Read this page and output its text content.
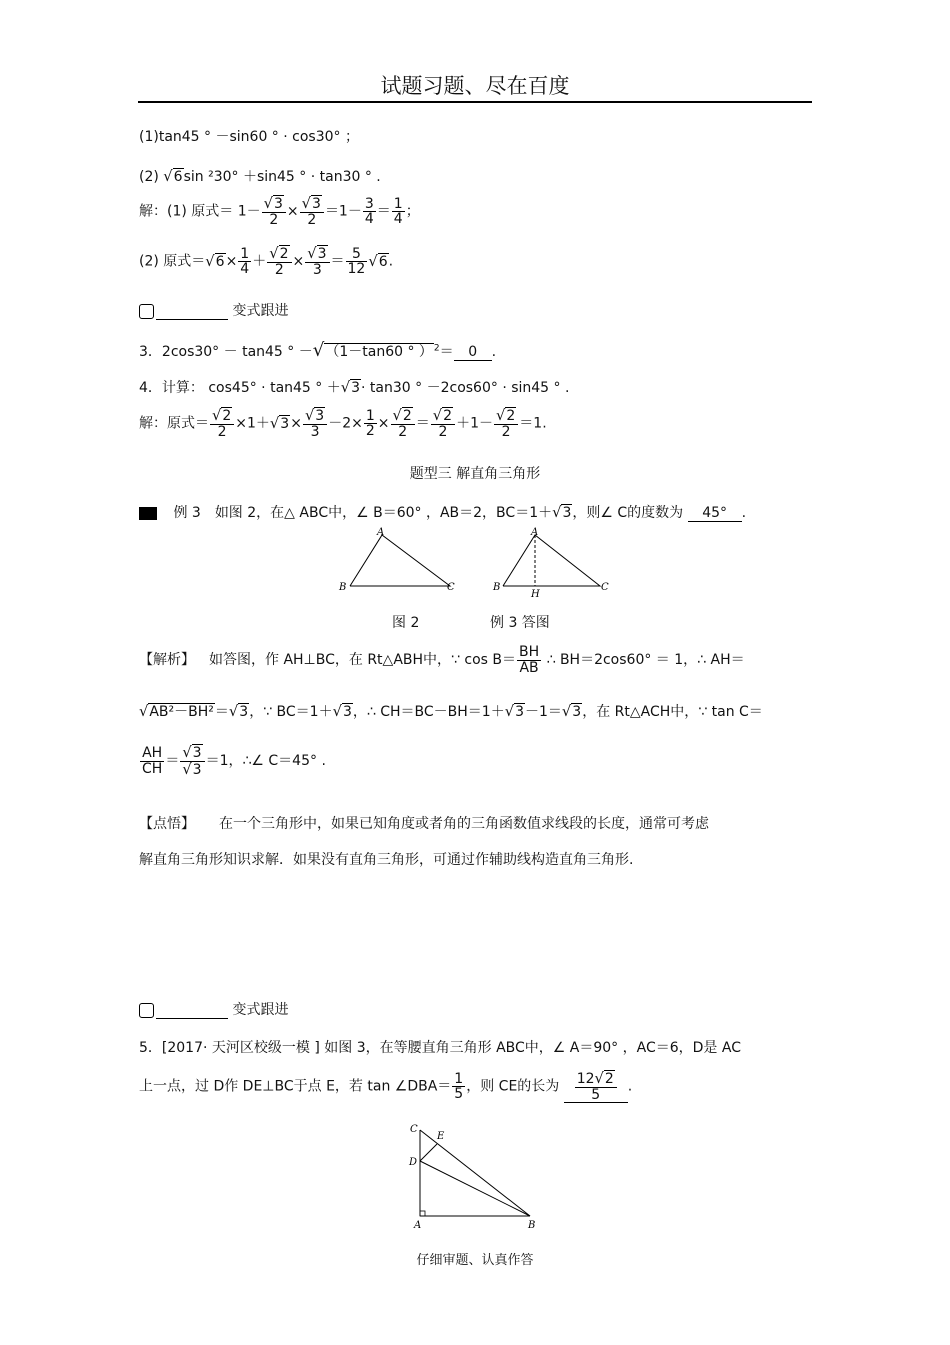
试题习题、尽在百度
(1)tan45 ° －sin60 ° · cos30° ；
(2) √6sin ²30° ＋sin45 ° · tan30 ° .
解：(1) 原式＝ $1- \frac{√3}{2} \times \frac{√3}{2} =1- \frac{3}{4} = \frac{1}{4}$ ；
(2) 原式$=√6\times \frac{1}{4} + \frac{√2}{2} \times \frac{√3}{3} = \frac{5}{12} √6$.
变式跟进
3．2cos30° － tan45 ° －√（1－tan60 ° ）$^2$＝ 0 .
4．计算： cos45° · tan45 ° ＋√3· tan30 ° －2cos60° · sin45 ° .
解：原式＝ $\frac{√2}{2} \times 1+√3\times \frac{√3}{3} -2\times \frac{1}{2} \times \frac{√2}{2} = \frac{√2}{2} +1- \frac{√2}{2} =1$.
题型三 解直角三角形
例 3 如图 2，在△ ABC中，∠ B＝60° ，AB＝2，BC＝1＋√3，则∠ C的度数为 45° .
A
B	C
A
B	C
H
图 2	例 3 答图
【解析】 如答图，作 AH⊥BC，在 Rt△ABH中，∵ $\cos B= \frac{BH}{AB}$ ∴ BH＝2cos60° ＝ 1，∴ AH＝
√AB²－BH²＝√3，∵ BC＝1＋√3，∴ CH＝BC－BH＝1＋√3－1＝√3，在 Rt△ACH中，∵ tan C＝
$\frac{AH}{CH} = \frac{√3}{√3} =1$，∴∠ C＝45° .
【点悟】 在一个三角形中，如果已知角度或者角的三角函数值求线段的长度，通常可考虑
解直角三角形知识求解．如果没有直角三角形，可通过作辅助线构造直角三角形.
变式跟进
5．[2017· 天河区校级一模 ] 如图 3，在等腰直角三角形 ABC中，∠ A＝90° ，AC＝6，D是 AC
上一点，过 D作 DE⊥BC于点 E，若 tan ∠DBA＝ $\frac{1}{5}$ ，则 CE的长为 $\frac{12√2}{5}$ .
C
E
D
A	B
仔细审题、认真作答
